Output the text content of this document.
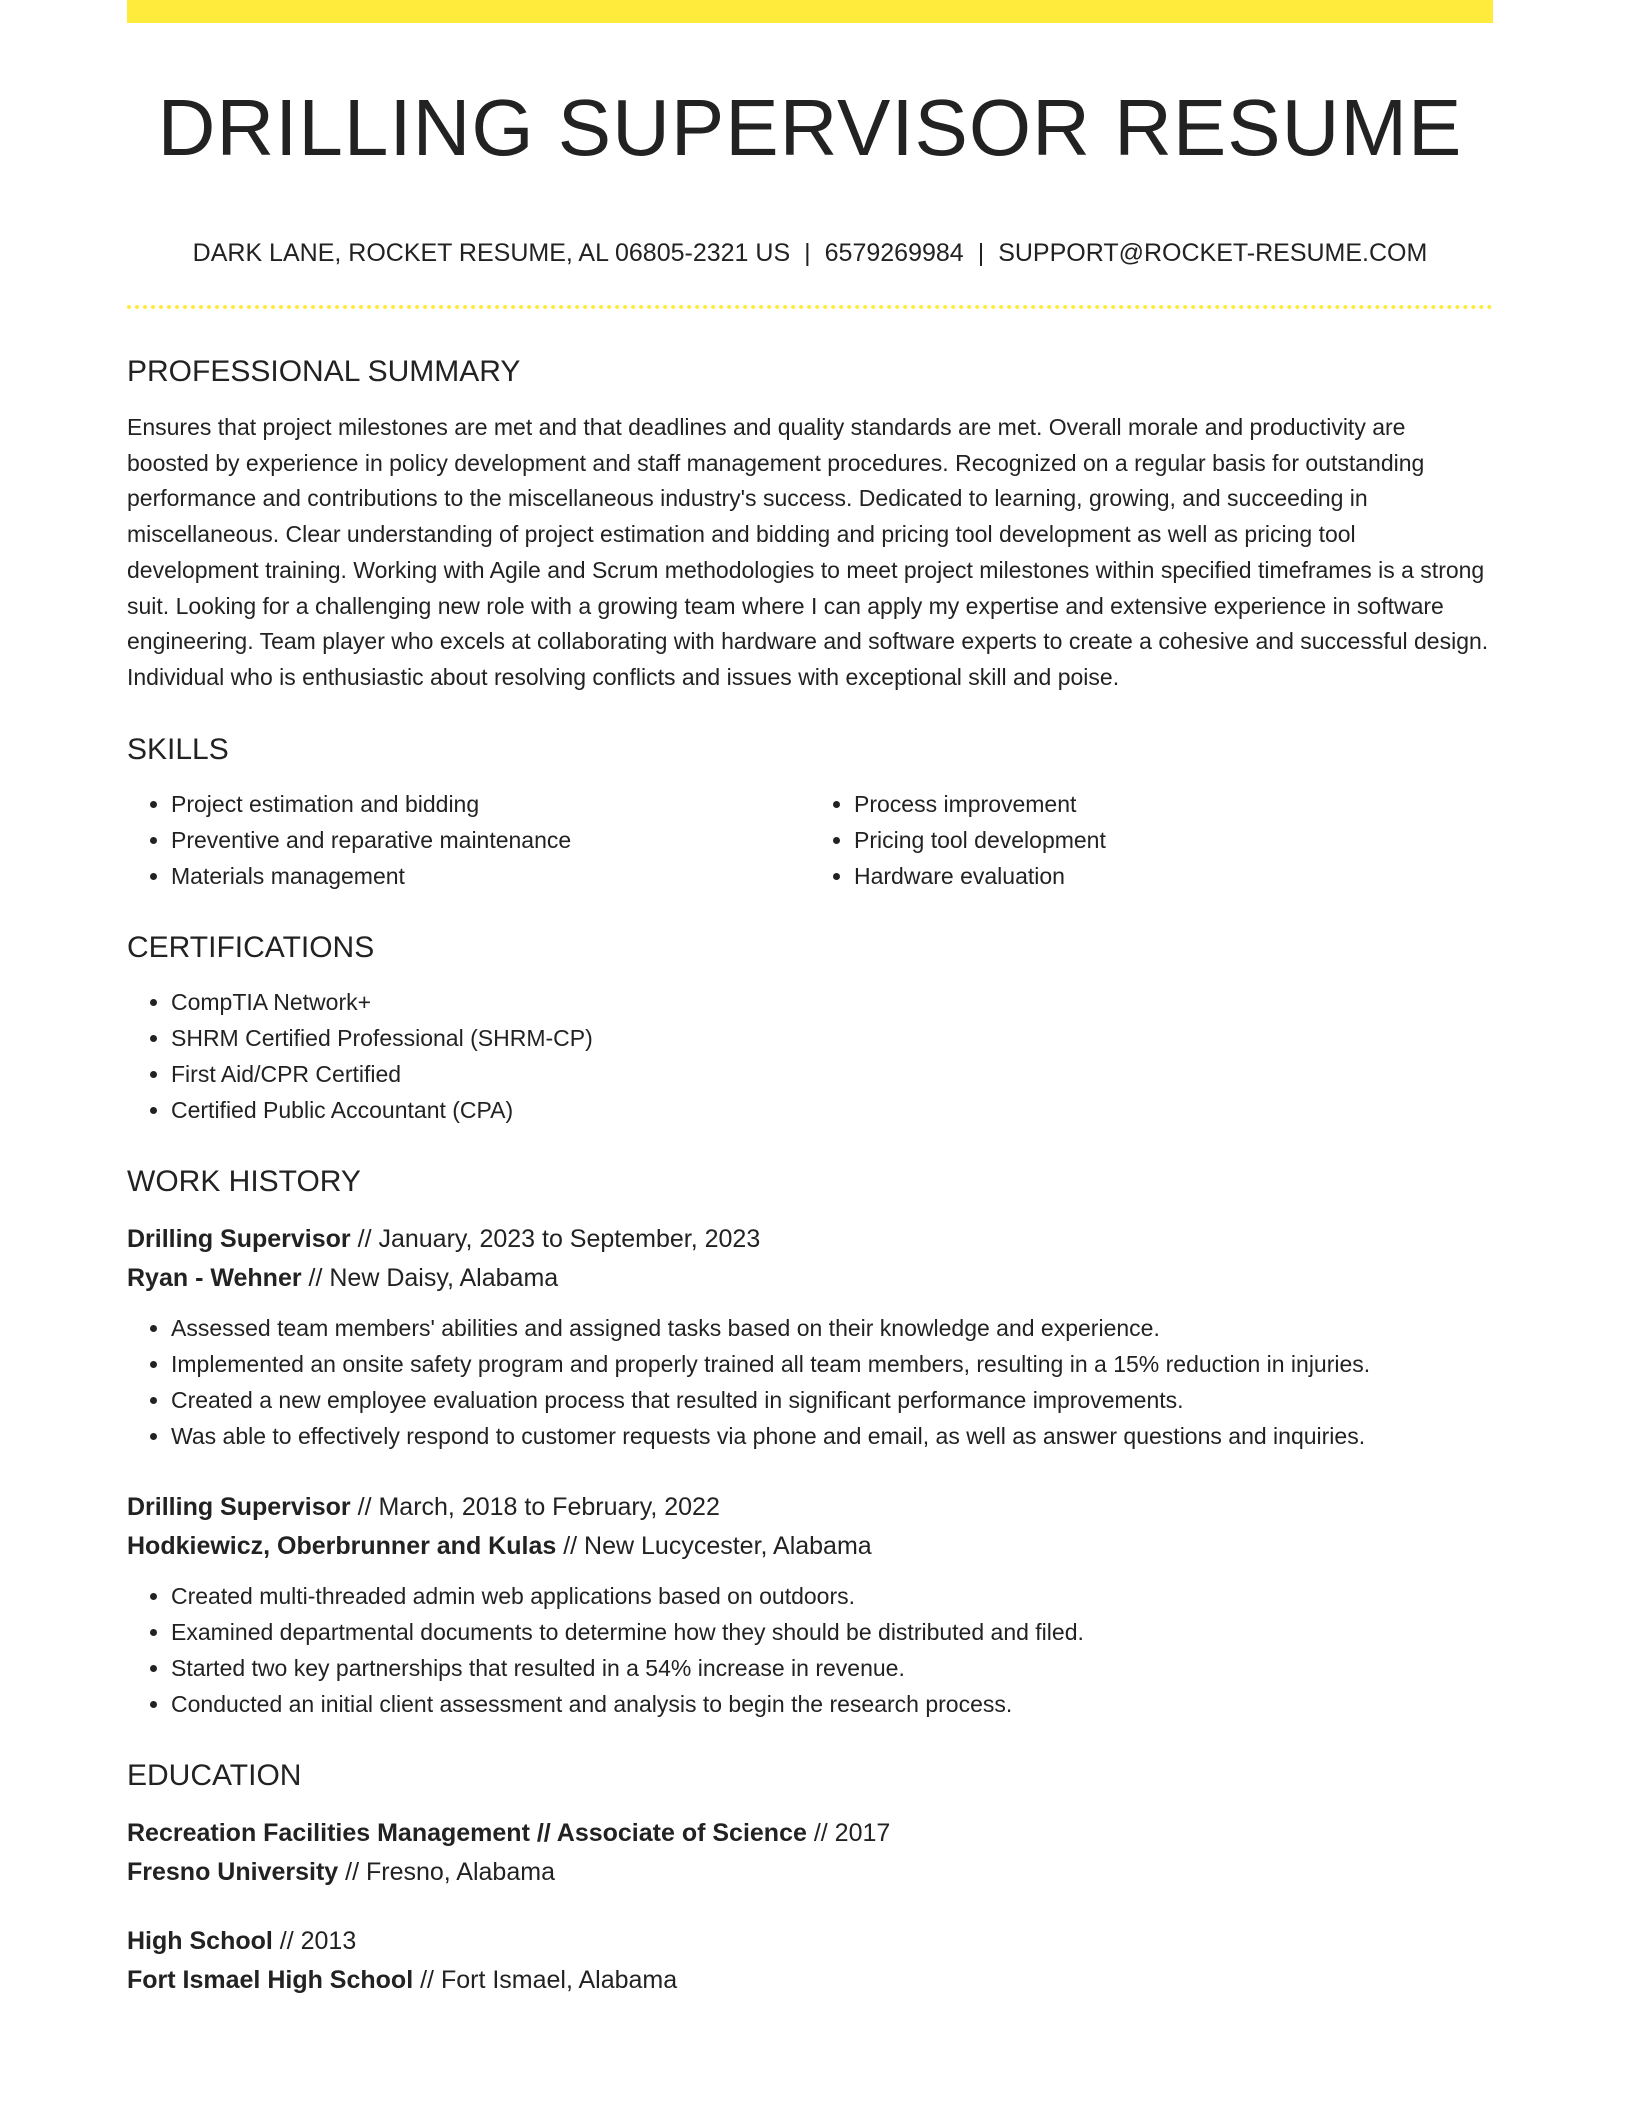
DRILLING SUPERVISOR RESUME
DARK LANE, ROCKET RESUME, AL 06805-2321 US | 6579269984 | SUPPORT@ROCKET-RESUME.COM
PROFESSIONAL SUMMARY

Ensures that project milestones are met and that deadlines and quality standards are met. Overall morale and productivity are boosted by experience in policy development and staff management procedures. Recognized on a regular basis for outstanding performance and contributions to the miscellaneous industry's success. Dedicated to learning, growing, and succeeding in miscellaneous. Clear understanding of project estimation and bidding and pricing tool development as well as pricing tool development training. Working with Agile and Scrum methodologies to meet project milestones within specified timeframes is a strong suit. Looking for a challenging new role with a growing team where I can apply my expertise and extensive experience in software engineering. Team player who excels at collaborating with hardware and software experts to create a cohesive and successful design. Individual who is enthusiastic about resolving conflicts and issues with exceptional skill and poise.

SKILLS
• Project estimation and bidding
• Preventive and reparative maintenance
• Materials management
• Process improvement
• Pricing tool development
• Hardware evaluation
CERTIFICATIONS
• CompTIA Network+
• SHRM Certified Professional (SHRM-CP)
• First Aid/CPR Certified
• Certified Public Accountant (CPA)
WORK HISTORY
Drilling Supervisor // January, 2023 to September, 2023
Ryan - Wehner // New Daisy, Alabama
• Assessed team members' abilities and assigned tasks based on their knowledge and experience.
• Implemented an onsite safety program and properly trained all team members, resulting in a 15% reduction in injuries.
• Created a new employee evaluation process that resulted in significant performance improvements.
• Was able to effectively respond to customer requests via phone and email, as well as answer questions and inquiries.
Drilling Supervisor // March, 2018 to February, 2022
Hodkiewicz, Oberbrunner and Kulas // New Lucycester, Alabama
• Created multi-threaded admin web applications based on outdoors.
• Examined departmental documents to determine how they should be distributed and filed.
• Started two key partnerships that resulted in a 54% increase in revenue.
• Conducted an initial client assessment and analysis to begin the research process.
EDUCATION
Recreation Facilities Management // Associate of Science // 2017
Fresno University // Fresno, Alabama
High School // 2013
Fort Ismael High School // Fort Ismael, Alabama
